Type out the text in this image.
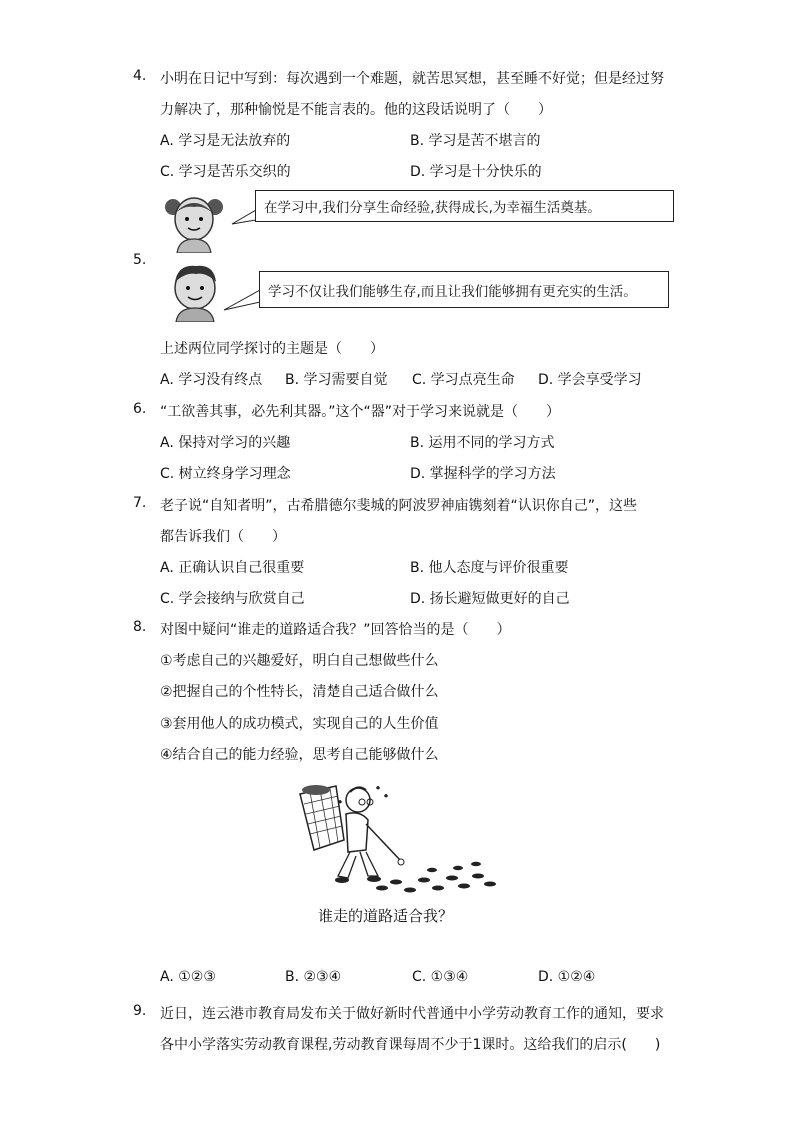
4. 小明在日记中写到：每次遇到一个难题，就苦思冥想，甚至睡不好觉；但是经过努
力解决了，那种愉悦是不能言表的。他的这段话说明了（　　）
A. 学习是无法放弃的	B. 学习是苦不堪言的
C. 学习是苦乐交织的	D. 学习是十分快乐的
在学习中,我们分享生命经验,获得成长,为幸福生活奠基。
5.
学习不仅让我们能够生存,而且让我们能够拥有更充实的生活。
上述两位同学探讨的主题是（　　）
A. 学习没有终点 B. 学习需要自觉 C. 学习点亮生命 D. 学会享受学习
6. “工欲善其事，必先利其器。”这个“器”对于学习来说就是（　　）
A. 保持对学习的兴趣	B. 运用不同的学习方式
C. 树立终身学习理念	D. 掌握科学的学习方法
7. 老子说“自知者明”，古希腊德尔斐城的阿波罗神庙镌刻着“认识你自己”，这些
都告诉我们（　　）
A. 正确认识自己很重要	B. 他人态度与评价很重要
C. 学会接纳与欣赏自己	D. 扬长避短做更好的自己
8. 对图中疑问“谁走的道路适合我？”回答恰当的是（　　）
①考虑自己的兴趣爱好，明白自己想做些什么
②把握自己的个性特长，清楚自己适合做什么
③套用他人的成功模式，实现自己的人生价值
④结合自己的能力经验，思考自己能够做什么
谁走的道路适合我？
A. ①②③	B. ②③④	C. ①③④	D. ①②④
9. 近日，连云港市教育局发布关于做好新时代普通中小学劳动教育工作的通知，要求
各中小学落实劳动教育课程,劳动教育课每周不少于1课时。这给我们的启示(　　)
